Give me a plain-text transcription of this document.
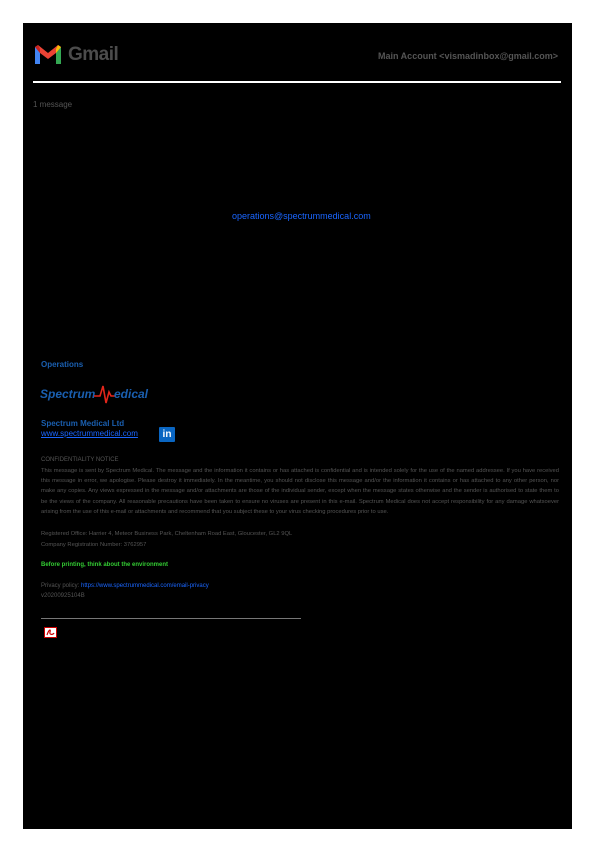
Gmail	Main Account <vismadinbox@gmail.com>
1 message
operations@spectrummedical.com
Operations
Spectrum edical
Spectrum Medical Ltd
www.spectrummedical.com	in
CONFIDENTIALITY NOTICE
This message is sent by Spectrum Medical. The message and the information it contains or has attached is confidential and is intended solely for the use of the named addressee. If you have received this message in error, we apologise. Please destroy it immediately. In the meantime, you should not disclose this message and/or the information it contains or has attached to any other person, nor make any copies. Any views expressed in the message and/or attachments are those of the individual sender, except when the message states otherwise and the sender is authorised to state them to be the views of the company. All reasonable precautions have been taken to ensure no viruses are present in this e-mail. Spectrum Medical does not accept responsibility for any damage whatsoever arising from the use of this e-mail or attachments and recommend that you subject these to your virus checking procedures prior to use.
Registered Office: Harrier 4, Meteor Business Park, Cheltenham Road East, Gloucester, GL2 9QL
Company Registration Number: 3762957
Before printing, think about the environment
Privacy policy: https://www.spectrummedical.com/email-privacy
v20200925104B
